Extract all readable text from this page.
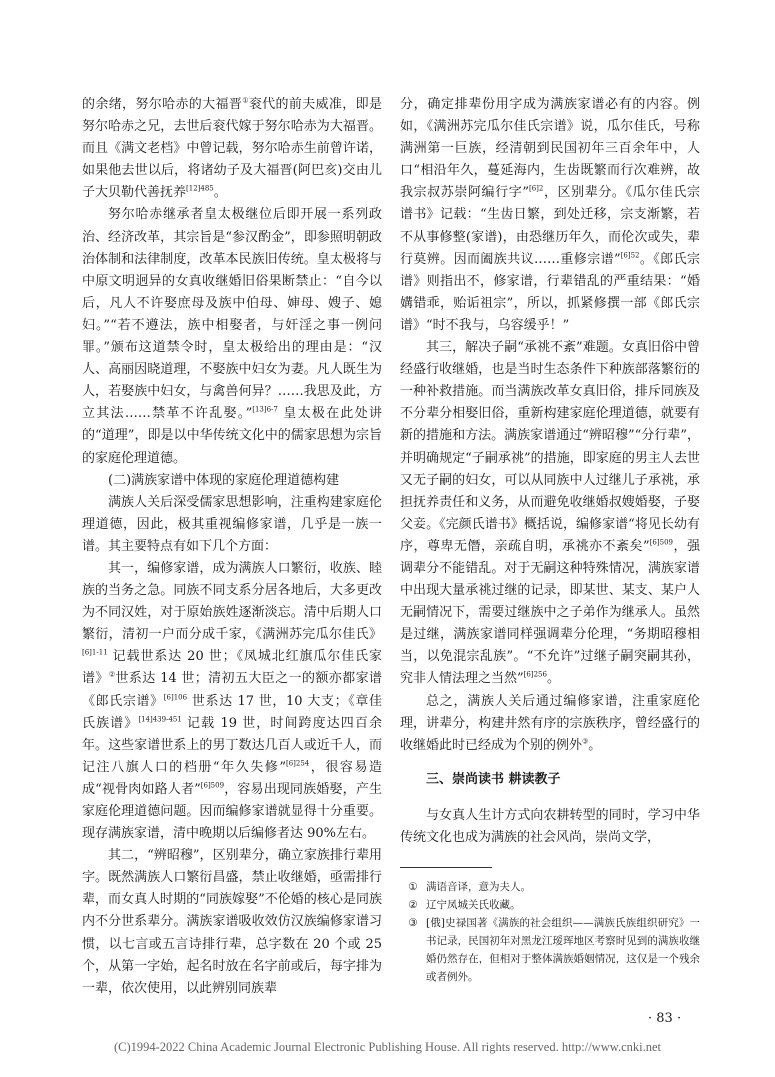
的余绪，努尔哈赤的大福晋①衮代的前夫威准，即是努尔哈赤之兄，去世后衮代嫁于努尔哈赤为大福晋。而且《满文老档》中曾记载，努尔哈赤生前曾许诺，如果他去世以后，将诸幼子及大福晋(阿巴亥)交由儿子大贝勒代善抚养$^{[12]485}$。

努尔哈赤继承者皇太极继位后即开展一系列政治、经济改革，其宗旨是“参汉酌金”，即参照明朝政治体制和法律制度，改革本民族旧传统。皇太极将与中原文明迥异的女真收继婚旧俗果断禁止：“自今以后，凡人不许娶庶母及族中伯母、婶母、嫂子、媳妇。”“若不遵法，族中相娶者，与奸淫之事一例问罪。”颁布这道禁令时，皇太极给出的理由是：“汉人、高丽因晓道理，不娶族中妇女为妻。凡人既生为人，若娶族中妇女，与禽兽何异？……我思及此，方立其法……禁革不许乱娶。”$^{[13]6-7}$ 皇太极在此处讲的“道理”，即是以中华传统文化中的儒家思想为宗旨的家庭伦理道德。

(二)满族家谱中体现的家庭伦理道德构建

满族人关后深受儒家思想影响，注重构建家庭伦理道德，因此，极其重视编修家谱，几乎是一族一谱。其主要特点有如下几个方面：

其一，编修家谱，成为满族人口繁衍，收族、睦族的当务之急。同族不同支系分居各地后，大多更改为不同汉姓，对于原始族姓逐渐淡忘。清中后期人口繁衍，清初一户而分成千家，《满洲苏完瓜尔佳氏》$^{[6]1-11}$ 记载世系达 20 世；《凤城北红旗瓜尔佳氏家谱》②世系达 14 世；清初五大臣之一的额亦都家谱《郎氏宗谱》$^{[6]106}$ 世系达 17 世，10 大支；《章佳氏族谱》$^{[14]439-451}$ 记载 19 世，时间跨度达四百余年。这些家谱世系上的男丁数达几百人或近千人，而记注八旗人口的档册“年久失修”$^{[6]254}$，很容易造成“视骨肉如路人者”$^{[6]509}$，容易出现同族婚娶，产生家庭伦理道德问题。因而编修家谱就显得十分重要。现存满族家谱，清中晚期以后编修者达 90%左右。

其二，“辨昭穆”，区别辈分，确立家族排行辈用字。既然满族人口繁衍昌盛，禁止收继婚，亟需排行辈，而女真人时期的“同族嫁娶”不伦婚的核心是同族内不分世系辈分。满族家谱吸收效仿汉族编修家谱习惯，以七言或五言诗排行辈，总字数在 20 个或 25 个，从第一字始，起名时放在名字前或后，每字排为一辈，依次使用，以此辨别同族辈

分，确定排辈份用字成为满族家谱必有的内容。例如，《满洲苏完瓜尔佳氏宗谱》说，瓜尔佳氏，号称满洲第一巨族，经清朝到民国初年三百余年中，人口“相沿年久，蔓延海内，生齿既繁而行次难辨，故我宗叔苏崇阿编行字”$^{[6]2}$，区别辈分。《瓜尔佳氏宗谱书》记载：“生齿日繁，到处迁移，宗支渐繁，若不从事修整(家谱)，由恐继历年久，而伦次或失，辈行莫辨。因而阖族共议……重修宗谱”$^{[6]52}$。《郎氏宗谱》则指出不，修家谱，行辈错乱的严重结果：“婚媾错乖，贻诟祖宗”，所以，抓紧修撰一部《郎氏宗谱》“时不我与，乌容缓乎！”

其三，解决子嗣“承祧不紊”难题。女真旧俗中曾经盛行收继婚，也是当时生态条件下种族部落繁衍的一种补救措施。而当满族改革女真旧俗，排斥同族及不分辈分相娶旧俗，重新构建家庭伦理道德，就要有新的措施和方法。满族家谱通过“辨昭穆”“分行辈”，并明确规定“子嗣承祧”的措施，即家庭的男主人去世又无子嗣的妇女，可以从同族中人过继儿子承祧，承担抚养责任和义务，从而避免收继婚叔嫂婚娶，子娶父妾。《完颜氏谱书》概括说，编修家谱“将见长幼有序，尊卑无僭，亲疏自明，承祧亦不紊矣”$^{[6]509}$，强调辈分不能错乱。对于无嗣这种特殊情况，满族家谱中出现大量承祧过继的记录，即某世、某支、某户人无嗣情况下，需要过继族中之子弟作为继承人。虽然是过继，满族家谱同样强调辈分伦理，“务期昭穆相当，以免混宗乱族”。“不允许”过继子嗣突嗣其孙，究非人情法理之当然”$^{[6]256}$。

总之，满族人关后通过编修家谱，注重家庭伦理，讲辈分，构建井然有序的宗族秩序，曾经盛行的收继婚此时已经成为个别的例外③。

三、崇尚读书 耕读教子

与女真人生计方式向农耕转型的同时，学习中华传统文化也成为满族的社会风尚，崇尚文学，

① 满语音译，意为夫人。
② 辽宁凤城关氏收藏。
③ [俄]史禄国著《满族的社会组织——满族氏族组织研究》一书记录，民国初年对黑龙江瑷珲地区考察时见到的满族收继婚仍然存在，但相对于整体满族婚姻情况，这仅是一个残余或者例外。
· 83 ·
(C)1994-2022 China Academic Journal Electronic Publishing House. All rights reserved. http://www.cnki.net
